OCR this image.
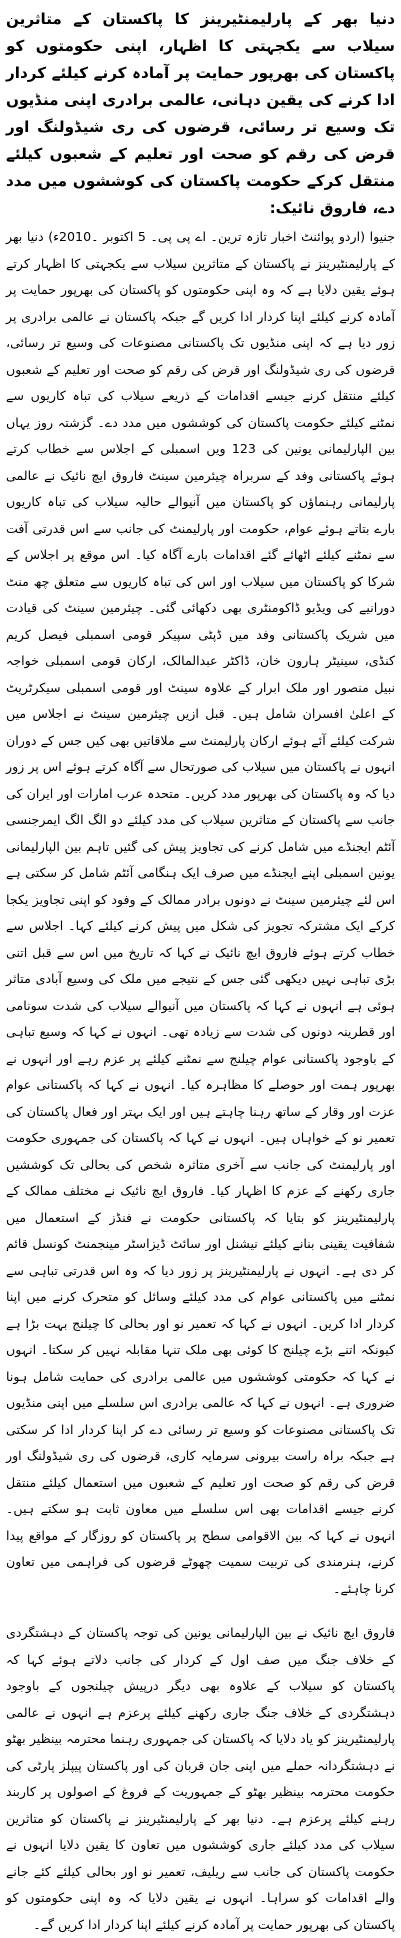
دنیا بھر کے پارلیمنٹیرینز کا پاکستان کے متاثرین سیلاب سے یکجہتی کا اظہار، اپنی حکومتوں کو پاکستان کی بھرپور حمایت پر آمادہ کرنے کیلئے کردار ادا کرنے کی یقین دہانی، عالمی برادری اپنی منڈیوں تک وسیع تر رسائی، قرضوں کی ری شیڈولنگ اور قرض کی رقم کو صحت اور تعلیم کے شعبوں کیلئے منتقل کرکے حکومت پاکستان کی کوششوں میں مدد دے، فاروق نائیک:

جنیوا (اردو پوائنٹ اخبار تازہ ترین۔ اے پی پی۔ 5 اکتوبر ۔2010ء) دنیا بھر کے پارلیمنٹیرینز نے پاکستان کے متاثرین سیلاب سے یکجہتی کا اظہار کرتے ہوئے یقین دلایا ہے کہ وہ اپنی حکومتوں کو پاکستان کی بھرپور حمایت پر آمادہ کرنے کیلئے اپنا کردار ادا کریں گے جبکہ پاکستان نے عالمی برادری پر زور دیا ہے کہ اپنی منڈیوں تک پاکستانی مصنوعات کی وسیع تر رسائی، قرضوں کی ری شیڈولنگ اور قرض کی رقم کو صحت اور تعلیم کے شعبوں کیلئے منتقل کرنے جیسے اقدامات کے ذریعے سیلاب کی تباہ کاریوں سے نمٹنے کیلئے حکومت پاکستان کی کوششوں میں مدد دے۔ گزشتہ روز یہاں بین الپارلیمانی یونین کی 123 ویں اسمبلی کے اجلاس سے خطاب کرتے ہوئے پاکستانی وفد کے سربراہ چیئرمین سینٹ فاروق ایچ نائیک نے عالمی پارلیمانی رہنماؤں کو پاکستان میں آنیوالے حالیہ سیلاب کی تباہ کاریوں بارے بتاتے ہوئے عوام، حکومت اور پارلیمنٹ کی جانب سے اس قدرتی آفت سے نمٹنے کیلئے اٹھائے گئے اقدامات بارے آگاہ کیا۔ اس موقع پر اجلاس کے شرکا کو پاکستان میں سیلاب اور اس کی تباہ کاریوں سے متعلق چھ منٹ دورانیے کی ویڈیو ڈاکومنٹری بھی دکھائی گئی۔ چیئرمین سینٹ کی قیادت میں شریک پاکستانی وفد میں ڈپٹی سپیکر قومی اسمبلی فیصل کریم کنڈی، سینیٹر ہارون خان، ڈاکٹر عبدالمالک، ارکان قومی اسمبلی خواجہ نبیل منصور اور ملک ابرار کے علاوہ سینٹ اور قومی اسمبلی سیکرٹریٹ کے اعلیٰ افسران شامل ہیں۔ قبل ازیں چیئرمین سینٹ نے اجلاس میں شرکت کیلئے آئے ہوئے ارکان پارلیمنٹ سے ملاقاتیں بھی کیں جس کے دوران انہوں نے پاکستان میں سیلاب کی صورتحال سے آگاہ کرتے ہوئے اس پر زور دیا کہ وہ پاکستان کی بھرپور مدد کریں۔ متحدہ عرب امارات اور ایران کی جانب سے پاکستان کے متاثرین سیلاب کی مدد کیلئے دو الگ الگ ایمرجنسی آئٹم ایجنڈے میں شامل کرنے کی تجاویز پیش کی گئیں تاہم بین الپارلیمانی یونین اسمبلی اپنے ایجنڈے میں صرف ایک ہنگامی آئٹم شامل کر سکتی ہے اس لئے چیئرمین سینٹ نے دونوں برادر ممالک کے وفود کو اپنی تجاویز یکجا کرکے ایک مشترکہ تجویز کی شکل میں پیش کرنے کیلئے کہا۔ اجلاس سے خطاب کرتے ہوئے فاروق ایچ نائیک نے کہا کہ تاریخ میں اس سے قبل اتنی بڑی تباہی نہیں دیکھی گئی جس کے نتیجے میں ملک کی وسیع آبادی متاثر ہوئی ہے انہوں نے کہا کہ پاکستان میں آنیوالے سیلاب کی شدت سونامی اور قطرینہ دونوں کی شدت سے زیادہ تھی۔ انہوں نے کہا کہ وسیع تباہی کے باوجود پاکستانی عوام چیلنج سے نمٹنے کیلئے پر عزم رہے اور انہوں نے بھرپور ہمت اور حوصلے کا مظاہرہ کیا۔ انہوں نے کہا کہ پاکستانی عوام عزت اور وقار کے ساتھ رہنا چاہتے ہیں اور ایک بہتر اور فعال پاکستان کی تعمیر نو کے خواہاں ہیں۔ انہوں نے کہا کہ پاکستان کی جمہوری حکومت اور پارلیمنٹ کی جانب سے آخری متاثرہ شخص کی بحالی تک کوششیں جاری رکھنے کے عزم کا اظہار کیا۔ فاروق ایچ نائیک نے مختلف ممالک کے پارلیمنٹیرینز کو بتایا کہ پاکستانی حکومت نے فنڈز کے استعمال میں شفافیت یقینی بنانے کیلئے نیشنل اور سائٹ ڈیزاسٹر مینجمنٹ کونسل قائم کر دی ہے۔ انہوں نے پارلیمنٹیرینز پر زور دیا کہ وہ اس قدرتی تباہی سے نمٹنے میں پاکستانی عوام کی مدد کیلئے وسائل کو متحرک کرنے میں اپنا کردار ادا کریں۔ انہوں نے کہا کہ تعمیر نو اور بحالی کا چیلنج بہت بڑا ہے کیونکہ اتنے بڑے چیلنج کا کوئی بھی ملک تنہا مقابلہ نہیں کر سکتا۔ انہوں نے کہا کہ حکومتی کوششوں میں عالمی برادری کی حمایت شامل ہونا ضروری ہے۔ انہوں نے کہا کہ عالمی برادری اس سلسلے میں اپنی منڈیوں تک پاکستانی مصنوعات کو وسیع تر رسائی دے کر اپنا کردار ادا کر سکتی ہے جبکہ براہ راست بیرونی سرمایہ کاری، قرضوں کی ری شیڈولنگ اور قرض کی رقم کو صحت اور تعلیم کے شعبوں میں استعمال کیلئے منتقل کرنے جیسے اقدامات بھی اس سلسلے میں معاون ثابت ہو سکتے ہیں۔ انہوں نے کہا کہ بین الاقوامی سطح پر پاکستان کو روزگار کے مواقع پیدا کرنے، ہنرمندی کی تربیت سمیت چھوٹے قرضوں کی فراہمی میں تعاون کرنا چاہئے۔

فاروق ایچ نائیک نے بین الپارلیمانی یونین کی توجہ پاکستان کے دہشتگردی کے خلاف جنگ میں صف اول کے کردار کی جانب دلاتے ہوئے کہا کہ پاکستان کو سیلاب کے علاوہ بھی دیگر درپیش چیلنجوں کے باوجود دہشتگردی کے خلاف جنگ جاری رکھنے کیلئے پرعزم ہے انہوں نے عالمی پارلیمنٹیرینز کو یاد دلایا کہ پاکستان کی جمہوری رہنما محترمہ بینظیر بھٹو نے دہشتگردانہ حملے میں اپنی جان قربان کی اور پاکستان پیپلز پارٹی کی حکومت محترمہ بینظیر بھٹو کے جمہوریت کے فروغ کے اصولوں پر کاربند رہنے کیلئے پرعزم ہے۔ دنیا بھر کے پارلیمنٹیرینز نے پاکستان کو متاثرین سیلاب کی مدد کیلئے جاری کوششوں میں تعاون کا یقین دلایا انہوں نے حکومت پاکستان کی جانب سے ریلیف، تعمیر نو اور بحالی کیلئے کئے جانے والے اقدامات کو سراہا۔ انہوں نے یقین دلایا کہ وہ اپنی حکومتوں کو پاکستان کی بھرپور حمایت پر آمادہ کرنے کیلئے اپنا کردار ادا کریں گے۔
